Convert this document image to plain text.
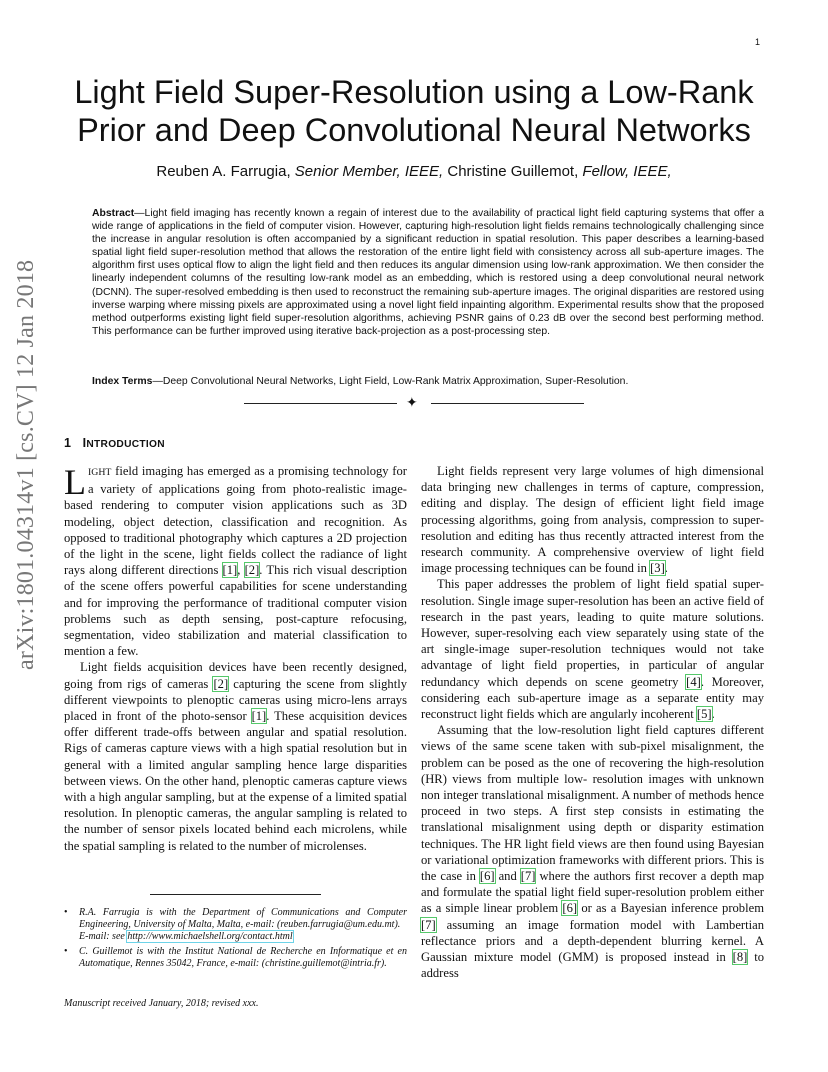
1
arXiv:1801.04314v1 [cs.CV] 12 Jan 2018
Light Field Super-Resolution using a Low-Rank
Prior and Deep Convolutional Neural Networks
Reuben A. Farrugia, Senior Member, IEEE, Christine Guillemot, Fellow, IEEE,
Abstract—Light field imaging has recently known a regain of interest due to the availability of practical light field capturing systems that offer a wide range of applications in the field of computer vision. However, capturing high-resolution light fields remains technologically challenging since the increase in angular resolution is often accompanied by a significant reduction in spatial resolution. This paper describes a learning-based spatial light field super-resolution method that allows the restoration of the entire light field with consistency across all sub-aperture images. The algorithm first uses optical flow to align the light field and then reduces its angular dimension using low-rank approximation. We then consider the linearly independent columns of the resulting low-rank model as an embedding, which is restored using a deep convolutional neural network (DCNN). The super-resolved embedding is then used to reconstruct the remaining sub-aperture images. The original disparities are restored using inverse warping where missing pixels are approximated using a novel light field inpainting algorithm. Experimental results show that the proposed method outperforms existing light field super-resolution algorithms, achieving PSNR gains of 0.23 dB over the second best performing method. This performance can be further improved using iterative back-projection as a post-processing step.
Index Terms—Deep Convolutional Neural Networks, Light Field, Low-Rank Matrix Approximation, Super-Resolution.
✦
1 INTRODUCTION

LIGHT field imaging has emerged as a promising technology for a variety of applications going from photo-realistic image-based rendering to computer vision applications such as 3D modeling, object detection, classification and recognition. As opposed to traditional photography which captures a 2D projection of the light in the scene, light fields collect the radiance of light rays along different directions [1], [2]. This rich visual description of the scene offers powerful capabilities for scene understanding and for improving the performance of traditional computer vision problems such as depth sensing, post-capture refocusing, segmentation, video stabilization and material classification to mention a few.

Light fields acquisition devices have been recently designed, going from rigs of cameras [2] capturing the scene from slightly different viewpoints to plenoptic cameras using micro-lens arrays placed in front of the photo-sensor [1]. These acquisition devices offer different trade-offs between angular and spatial resolution. Rigs of cameras capture views with a high spatial resolution but in general with a limited angular sampling hence large disparities between views. On the other hand, plenoptic cameras capture views with a high angular sampling, but at the expense of a limited spatial resolution. In plenoptic cameras, the angular sampling is related to the number of sensor pixels located behind each microlens, while the spatial sampling is related to the number of microlenses.

Light fields represent very large volumes of high dimensional data bringing new challenges in terms of capture, compression, editing and display. The design of efficient light field image processing algorithms, going from analysis, compression to super-resolution and editing has thus recently attracted interest from the research community. A comprehensive overview of light field image processing techniques can be found in [3].

This paper addresses the problem of light field spatial super-resolution. Single image super-resolution has been an active field of research in the past years, leading to quite mature solutions. However, super-resolving each view separately using state of the art single-image super-resolution techniques would not take advantage of light field properties, in particular of angular redundancy which depends on scene geometry [4]. Moreover, considering each sub-aperture image as a separate entity may reconstruct light fields which are angularly incoherent [5].

Assuming that the low-resolution light field captures different views of the same scene taken with sub-pixel misalignment, the problem can be posed as the one of recovering the high-resolution (HR) views from multiple low- resolution images with unknown non integer translational misalignment. A number of methods hence proceed in two steps. A first step consists in estimating the translational misalignment using depth or disparity estimation techniques. The HR light field views are then found using Bayesian or variational optimization frameworks with different priors. This is the case in [6] and [7] where the authors first recover a depth map and formulate the spatial light field super-resolution problem either as a simple linear problem [6] or as a Bayesian inference problem [7] assuming an image formation model with Lambertian reflectance priors and a depth-dependent blurring kernel. A Gaussian mixture model (GMM) is proposed instead in [8] to address

• R.A. Farrugia is with the Department of Communications and Computer Engineering, University of Malta, Malta, e-mail: (reuben.farrugia@um.edu.mt).
E-mail: see http://www.michaelshell.org/contact.html
• C. Guillemot is with the Institut National de Recherche en Informatique et en Automatique, Rennes 35042, France, e-mail: (christine.guillemot@intria.fr).
Manuscript received January, 2018; revised xxx.
